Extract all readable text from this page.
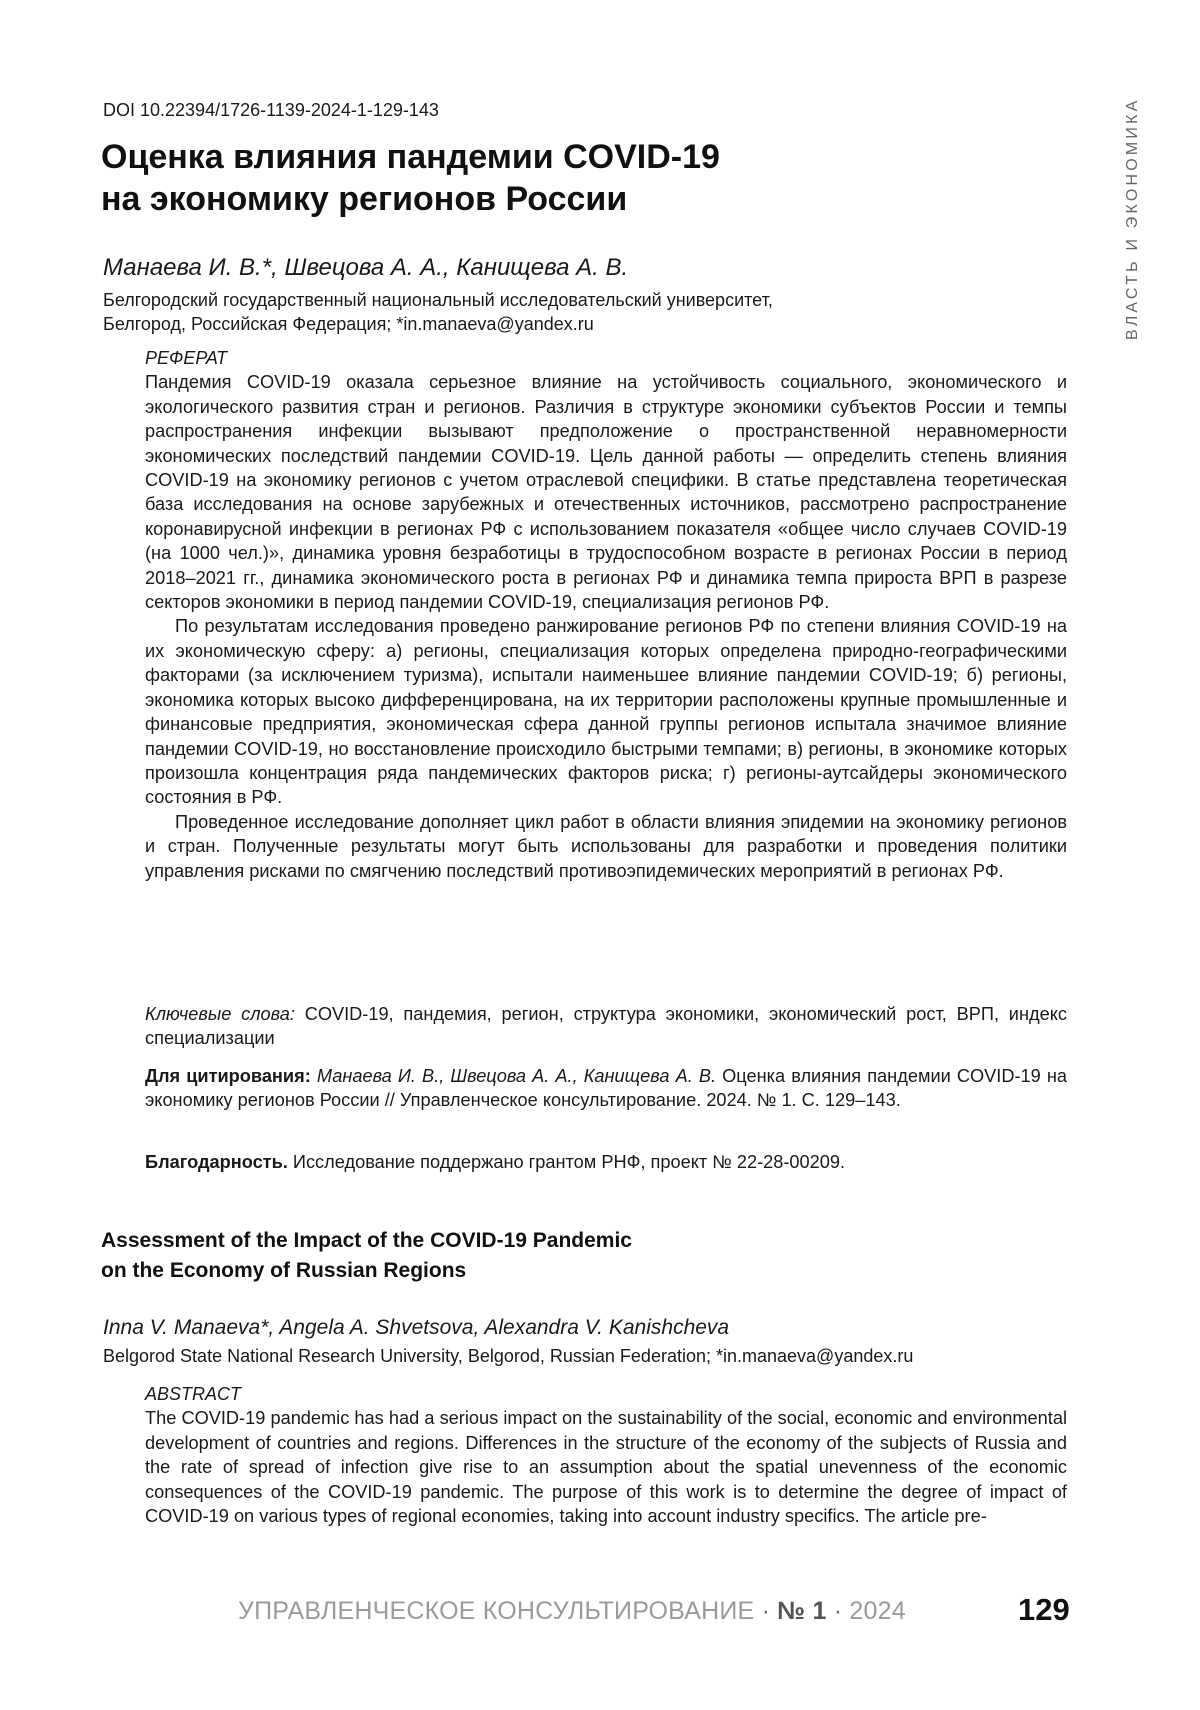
ВЛАСТЬ И ЭКОНОМИКА
DOI 10.22394/1726-1139-2024-1-129-143
Оценка влияния пандемии COVID-19
на экономику регионов России
Манаева И. В.*, Швецова А. А., Канищева А. В.
Белгородский государственный национальный исследовательский университет,
Белгород, Российская Федерация; *in.manaeva@yandex.ru
РЕФЕРАТ

Пандемия COVID-19 оказала серьезное влияние на устойчивость социального, экономического и экологического развития стран и регионов. Различия в структуре экономики субъектов России и темпы распространения инфекции вызывают предположение о пространственной неравномерности экономических последствий пандемии COVID-19. Цель данной работы — определить степень влияния COVID-19 на экономику регионов с учетом отраслевой специфики. В статье представлена теоретическая база исследования на основе зарубежных и отечественных источников, рассмотрено распространение коронавирусной инфекции в регионах РФ с использованием показателя «общее число случаев COVID-19 (на 1000 чел.)», динамика уровня безработицы в трудоспособном возрасте в регионах России в период 2018–2021 гг., динамика экономического роста в регионах РФ и динамика темпа прироста ВРП в разрезе секторов экономики в период пандемии COVID-19, специализация регионов РФ.

По результатам исследования проведено ранжирование регионов РФ по степени влияния COVID-19 на их экономическую сферу: а) регионы, специализация которых определена природно-географическими факторами (за исключением туризма), испытали наименьшее влияние пандемии COVID-19; б) регионы, экономика которых высоко дифференцирована, на их территории расположены крупные промышленные и финансовые предприятия, экономическая сфера данной группы регионов испытала значимое влияние пандемии COVID-19, но восстановление происходило быстрыми темпами; в) регионы, в экономике которых произошла концентрация ряда пандемических факторов риска; г) регионы-аутсайдеры экономического состояния в РФ.

Проведенное исследование дополняет цикл работ в области влияния эпидемии на экономику регионов и стран. Полученные результаты могут быть использованы для разработки и проведения политики управления рисками по смягчению последствий противоэпидемических мероприятий в регионах РФ.

Ключевые слова: COVID-19, пандемия, регион, структура экономики, экономический рост, ВРП, индекс специализации
Для цитирования: Манаева И. В., Швецова А. А., Канищева А. В. Оценка влияния пандемии COVID-19 на экономику регионов России // Управленческое консультирование. 2024. № 1. С. 129–143.
Благодарность. Исследование поддержано грантом РНФ, проект № 22-28-00209.
Assessment of the Impact of the COVID-19 Pandemic
on the Economy of Russian Regions
Inna V. Manaeva*, Angela A. Shvetsova, Alexandra V. Kanishcheva
Belgorod State National Research University, Belgorod, Russian Federation; *in.manaeva@yandex.ru
ABSTRACT

The COVID-19 pandemic has had a serious impact on the sustainability of the social, economic and environmental development of countries and regions. Differences in the structure of the economy of the subjects of Russia and the rate of spread of infection give rise to an assumption about the spatial unevenness of the economic consequences of the COVID-19 pandemic. The purpose of this work is to determine the degree of impact of COVID-19 on various types of regional economies, taking into account industry specifics. The article pre-

УПРАВЛЕНЧЕСКОЕ КОНСУЛЬТИРОВАНИЕ · № 1 · 2024	129
